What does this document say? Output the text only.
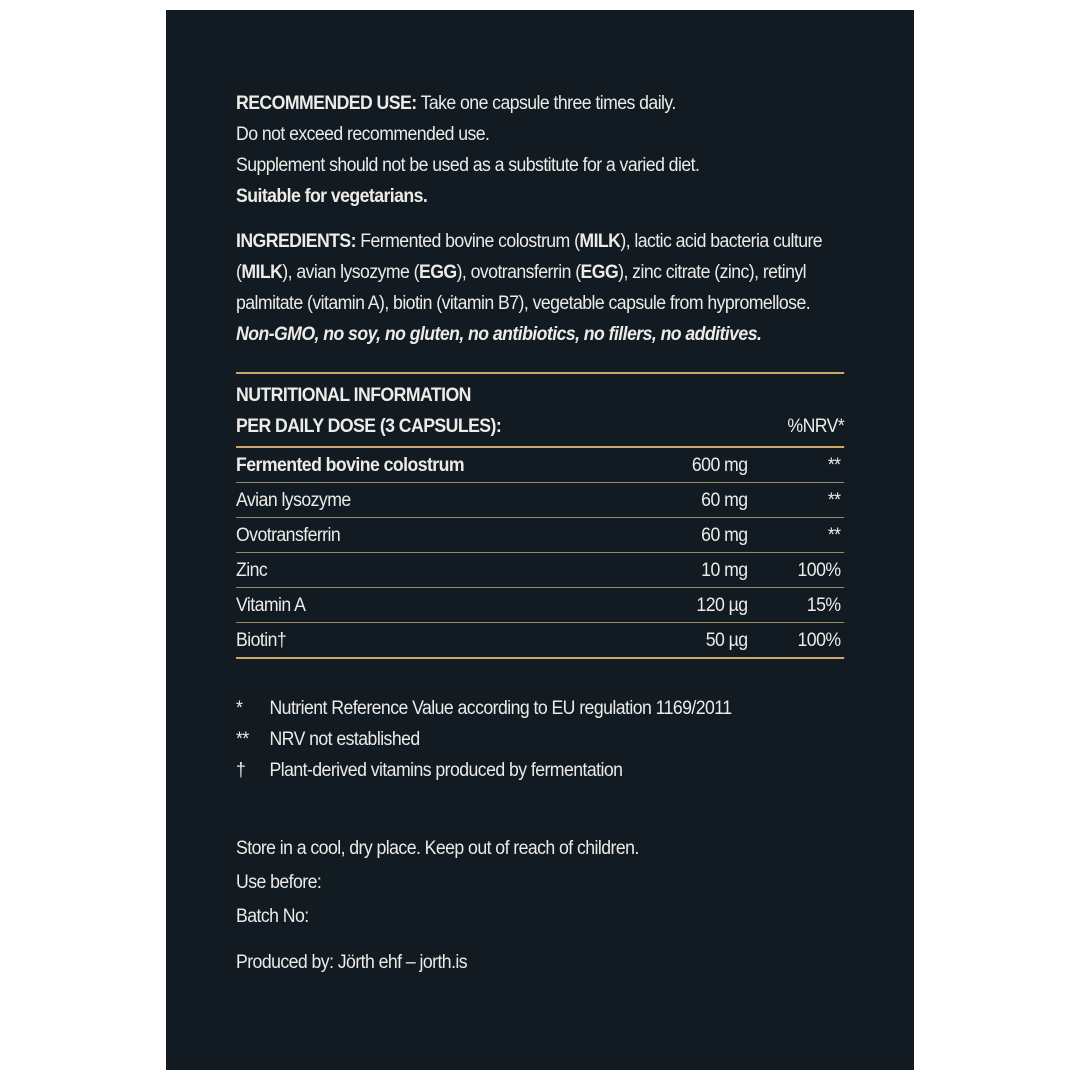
RECOMMENDED USE: Take one capsule three times daily.

Do not exceed recommended use.

Supplement should not be used as a substitute for a varied diet.

Suitable for vegetarians.

INGREDIENTS: Fermented bovine colostrum (MILK), lactic acid bacteria culture (MILK), avian lysozyme (EGG), ovotransferrin (EGG), zinc citrate (zinc), retinyl palmitate (vitamin A), biotin (vitamin B7), vegetable capsule from hypromellose.

Non-GMO, no soy, no gluten, no antibiotics, no fillers, no additives.

NUTRITIONAL INFORMATION
PER DAILY DOSE (3 CAPSULES):	%NRV*
Fermented bovine colostrum	600 mg	**
Avian lysozyme	60 mg	**
Ovotransferrin	60 mg	**
Zinc	10 mg	100%
Vitamin A	120 µg	15%
Biotin†	50 µg	100%
*	Nutrient Reference Value according to EU regulation 1169/2011
**	NRV not established
†	Plant-derived vitamins produced by fermentation

Store in a cool, dry place. Keep out of reach of children.

Use before:

Batch No:

Produced by: Jörth ehf – jorth.is
